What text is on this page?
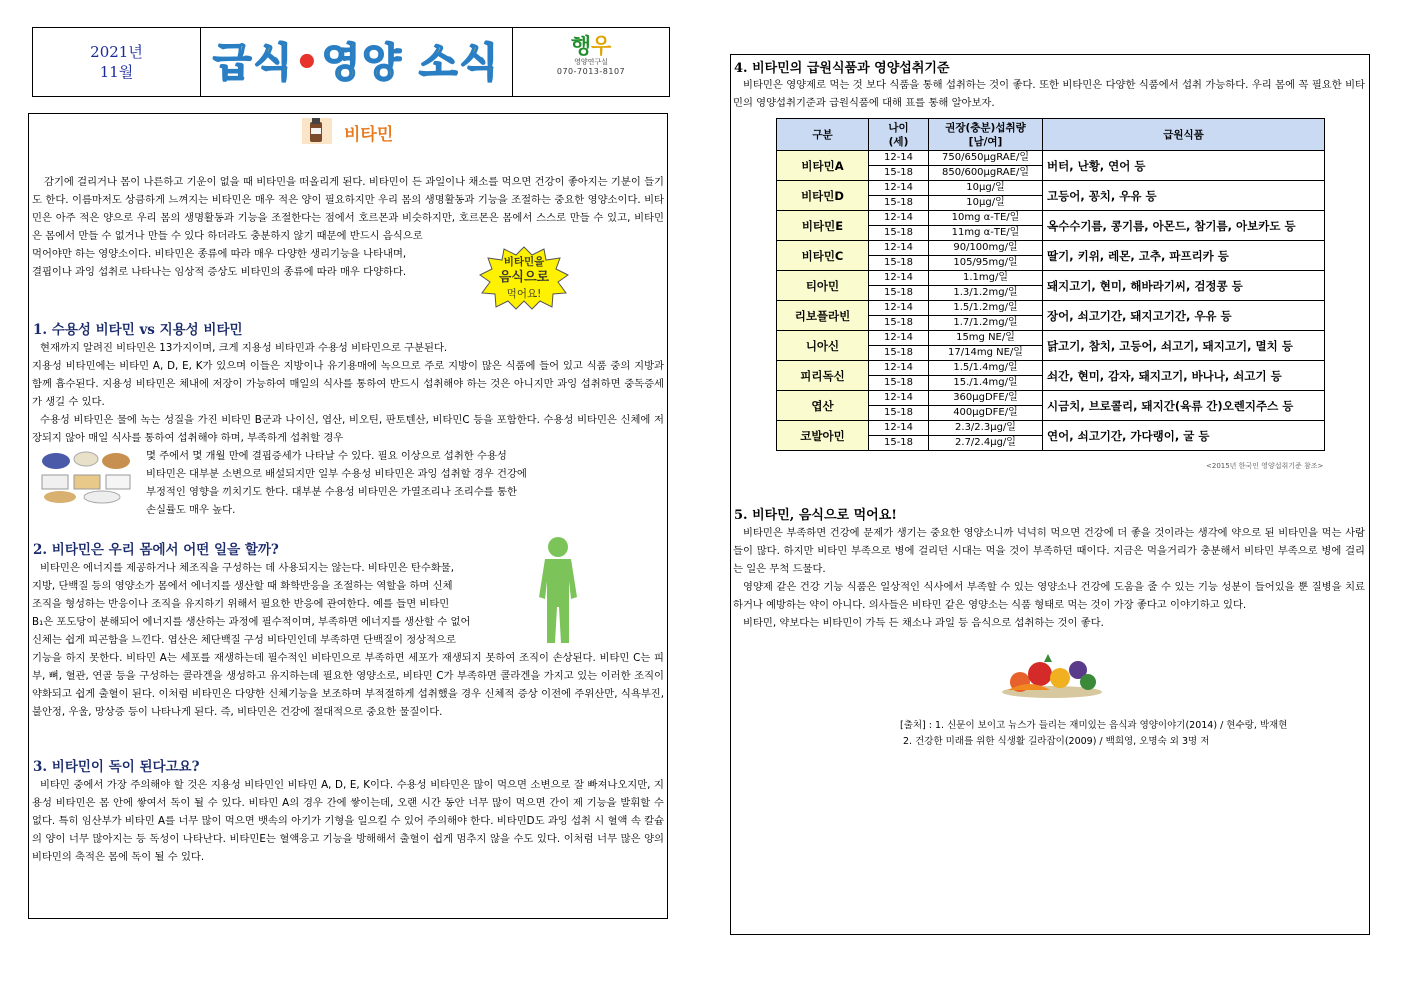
2021년
11월	급식•영양 소식	행우
영양연구실
070-7013-8107
비타민

감기에 걸리거나 몸이 나른하고 기운이 없을 때 비타민을 떠올리게 된다. 비타민이 든 과일이나 채소를 먹으면 건강이 좋아지는 기분이 들기도 한다. 이름마저도 상큼하게 느껴지는 비타민은 매우 적은 양이 필요하지만 우리 몸의 생명활동과 기능을 조절하는 중요한 영양소이다. 비타민은 아주 적은 양으로 우리 몸의 생명활동과 기능을 조절한다는 점에서 호르몬과 비슷하지만, 호르몬은 몸에서 스스로 만들 수 있고, 비타민은 몸에서 만들 수 없거나 만들 수 있다 하더라도 충분하지 않기 때문에 반드시 음식으로

먹어야만 하는 영양소이다. 비타민은 종류에 따라 매우 다양한 생리기능을 나타내며,

결핍이나 과잉 섭취로 나타나는 임상적 증상도 비타민의 종류에 따라 매우 다양하다.

비타민을
음식으로
먹어요!
1. 수용성 비타민 vs 지용성 비타민

현재까지 알려진 비타민은 13가지이며, 크게 지용성 비타민과 수용성 비타민으로 구분된다.

지용성 비타민에는 비타민 A, D, E, K가 있으며 이들은 지방이나 유기용매에 녹으므로 주로 지방이 많은 식품에 들어 있고 식품 중의 지방과 함께 흡수된다. 지용성 비타민은 체내에 저장이 가능하여 매일의 식사를 통하여 반드시 섭취해야 하는 것은 아니지만 과잉 섭취하면 중독증세가 생길 수 있다.

수용성 비타민은 물에 녹는 성질을 가진 비타민 B군과 나이신, 엽산, 비오틴, 판토텐산, 비타민C 등을 포함한다. 수용성 비타민은 신체에 저장되지 않아 매일 식사를 통하여 섭취해야 하며, 부족하게 섭취할 경우

몇 주에서 몇 개월 만에 결핍증세가 나타날 수 있다. 필요 이상으로 섭취한 수용성

비타민은 대부분 소변으로 배설되지만 일부 수용성 비타민은 과잉 섭취할 경우 건강에

부정적인 영향을 끼치기도 한다. 대부분 수용성 비타민은 가열조리나 조리수를 통한

손실률도 매우 높다.

2. 비타민은 우리 몸에서 어떤 일을 할까?

비타민은 에너지를 제공하거나 체조직을 구성하는 데 사용되지는 않는다. 비타민은 탄수화물,

지방, 단백질 등의 영양소가 몸에서 에너지를 생산할 때 화학반응을 조절하는 역할을 하며 신체

조직을 형성하는 반응이나 조직을 유지하기 위해서 필요한 반응에 관여한다. 예를 들면 비타민

B₁은 포도당이 분해되어 에너지를 생산하는 과정에 필수적이며, 부족하면 에너지를 생산할 수 없어

신체는 쉽게 피곤함을 느낀다. 엽산은 체단백질 구성 비타민인데 부족하면 단백질이 정상적으로

기능을 하지 못한다. 비타민 A는 세포를 재생하는데 필수적인 비타민으로 부족하면 세포가 재생되지 못하여 조직이 손상된다. 비타민 C는 피부, 뼈, 혈관, 연골 등을 구성하는 콜라겐을 생성하고 유지하는데 필요한 영양소로, 비타민 C가 부족하면 콜라겐을 가지고 있는 이러한 조직이 약화되고 쉽게 출혈이 된다. 이처럼 비타민은 다양한 신체기능을 보조하며 부적절하게 섭취했을 경우 신체적 증상 이전에 주위산만, 식욕부진, 불안정, 우울, 망상증 등이 나타나게 된다. 즉, 비타민은 건강에 절대적으로 중요한 물질이다.

3. 비타민이 독이 된다고요?

비타민 중에서 가장 주의해야 할 것은 지용성 비타민인 비타민 A, D, E, K이다. 수용성 비타민은 많이 먹으면 소변으로 잘 빠져나오지만, 지용성 비타민은 몸 안에 쌓여서 독이 될 수 있다. 비타민 A의 경우 간에 쌓이는데, 오랜 시간 동안 너무 많이 먹으면 간이 제 기능을 발휘할 수 없다. 특히 임산부가 비타민 A를 너무 많이 먹으면 뱃속의 아기가 기형을 일으킬 수 있어 주의해야 한다. 비타민D도 과잉 섭취 시 혈액 속 칼슘의 양이 너무 많아지는 등 독성이 나타난다. 비타민E는 혈액응고 기능을 방해해서 출혈이 쉽게 멈추지 않을 수도 있다. 이처럼 너무 많은 양의 비타민의 축적은 몸에 독이 될 수 있다.

4. 비타민의 급원식품과 영양섭취기준

비타민은 영양제로 먹는 것 보다 식품을 통해 섭취하는 것이 좋다. 또한 비타민은 다양한 식품에서 섭취 가능하다. 우리 몸에 꼭 필요한 비타민의 영양섭취기준과 급원식품에 대해 표를 통해 알아보자.

구분	나이
(세)	권장(충분)섭취량
[남/여]	급원식품
비타민A	12-14	750/650μgRAE/일	버터, 난황, 연어 등
	15-18	850/600μgRAE/일	
비타민D	12-14	10μg/일	고등어, 꽁치, 우유 등
	15-18	10μg/일	
비타민E	12-14	10mg α-TE/일	옥수수기름, 콩기름, 아몬드, 참기름, 아보카도 등
	15-18	11mg α-TE/일	
비타민C	12-14	90/100mg/일	딸기, 키위, 레몬, 고추, 파프리카 등
	15-18	105/95mg/일	
티아민	12-14	1.1mg/일	돼지고기, 현미, 해바라기씨, 검정콩 등
	15-18	1.3/1.2mg/일	
리보플라빈	12-14	1.5/1.2mg/일	장어, 쇠고기간, 돼지고기간, 우유 등
	15-18	1.7/1.2mg/일	
니아신	12-14	15mg NE/일	닭고기, 참치, 고등어, 쇠고기, 돼지고기, 멸치 등
	15-18	17/14mg NE/일	
피리독신	12-14	1.5/1.4mg/일	쇠간, 현미, 감자, 돼지고기, 바나나, 쇠고기 등
	15-18	15./1.4mg/일	
엽산	12-14	360μgDFE/일	시금치, 브로콜리, 돼지간(육류 간)오렌지주스 등
	15-18	400μgDFE/일	
코발아민	12-14	2.3/2.3μg/일	연어, 쇠고기간, 가다랭이, 굴 등
	15-18	2.7/2.4μg/일	
<2015년 한국인 영양섭취기준 참조>
5. 비타민, 음식으로 먹어요!

비타민은 부족하면 건강에 문제가 생기는 중요한 영양소니까 넉넉히 먹으면 건강에 더 좋을 것이라는 생각에 약으로 된 비타민을 먹는 사람들이 많다. 하지만 비타민 부족으로 병에 걸리던 시대는 먹을 것이 부족하던 때이다. 지금은 먹을거리가 충분해서 비타민 부족으로 병에 걸리는 일은 무척 드물다.

영양제 같은 건강 기능 식품은 일상적인 식사에서 부족할 수 있는 영양소나 건강에 도움을 줄 수 있는 기능 성분이 들어있을 뿐 질병을 치료하거나 예방하는 약이 아니다. 의사들은 비타민 같은 영양소는 식품 형태로 먹는 것이 가장 좋다고 이야기하고 있다.

비타민, 약보다는 비타민이 가득 든 채소나 과일 등 음식으로 섭취하는 것이 좋다.

[출처] : 1. 신문이 보이고 뉴스가 들리는 재미있는 음식과 영양이야기(2014) / 현수랑, 박재현
2. 건강한 미래를 위한 식생활 길라잡이(2009) / 백희영, 오명숙 외 3명 저
